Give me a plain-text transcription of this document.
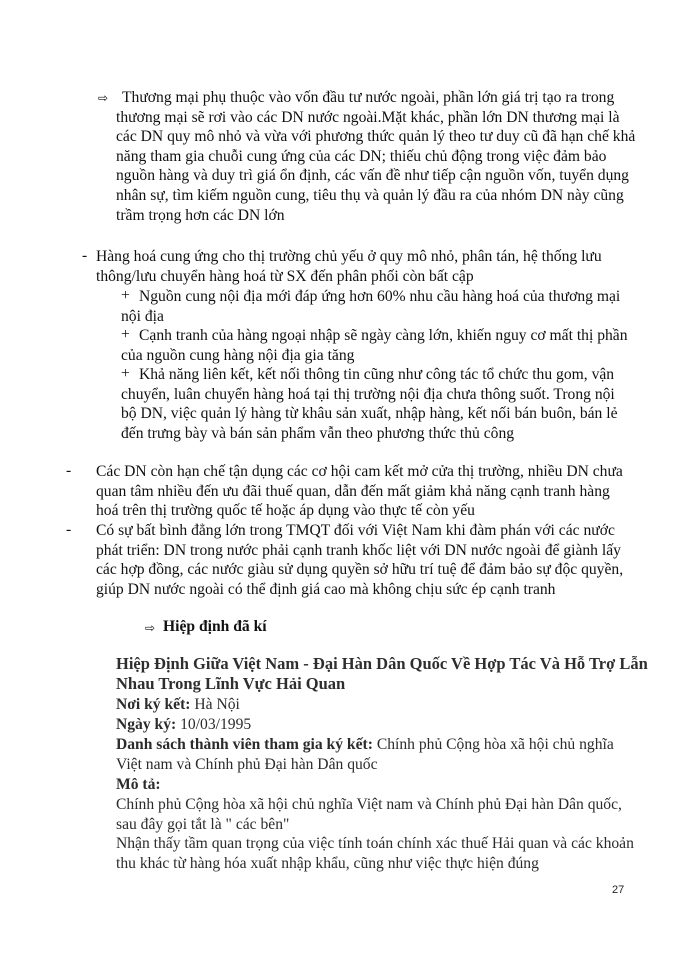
⇨ Thương mại phụ thuộc vào vốn đầu tư nước ngoài, phần lớn giá trị tạo ra trong thương mại sẽ rơi vào các DN nước ngoài.Mặt khác, phần lớn DN thương mại là các DN quy mô nhỏ và vừa với phương thức quản lý theo tư duy cũ đã hạn chế khả năng tham gia chuỗi cung ứng của các DN; thiếu chủ động trong việc đảm bảo nguồn hàng và duy trì giá ổn định, các vấn đề như tiếp cận nguồn vốn, tuyển dụng nhân sự, tìm kiếm nguồn cung, tiêu thụ và quản lý đầu ra của nhóm DN này cũng trầm trọng hơn các DN lớn

- Hàng hoá cung ứng cho thị trường chủ yếu ở quy mô nhỏ, phân tán, hệ thống lưu thông/lưu chuyển hàng hoá từ SX đến phân phối còn bất cập

+ Nguồn cung nội địa mới đáp ứng hơn 60% nhu cầu hàng hoá của thương mại nội địa

+ Cạnh tranh của hàng ngoại nhập sẽ ngày càng lớn, khiến nguy cơ mất thị phần của nguồn cung hàng nội địa gia tăng

+ Khả năng liên kết, kết nối thông tin cũng như công tác tổ chức thu gom, vận chuyển, luân chuyển hàng hoá tại thị trường nội địa chưa thông suốt. Trong nội bộ DN, việc quản lý hàng từ khâu sản xuất, nhập hàng, kết nối bán buôn, bán lẻ đến trưng bày và bán sản phẩm vẫn theo phương thức thủ công

- Các DN còn hạn chế tận dụng các cơ hội cam kết mở cửa thị trường, nhiều DN chưa quan tâm nhiều đến ưu đãi thuế quan, dẫn đến mất giảm khả năng cạnh tranh hàng hoá trên thị trường quốc tế hoặc áp dụng vào thực tế còn yếu

- Có sự bất bình đẳng lớn trong TMQT đối với Việt Nam khi đàm phán với các nước phát triển: DN trong nước phải cạnh tranh khốc liệt với DN nước ngoài để giành lấy các hợp đồng, các nước giàu sử dụng quyền sở hữu trí tuệ để đảm bảo sự độc quyền, giúp DN nước ngoài có thể định giá cao mà không chịu sức ép cạnh tranh

⇨ Hiệp định đã kí
Hiệp Định Giữa Việt Nam - Đại Hàn Dân Quốc Về Hợp Tác Và Hỗ Trợ Lẫn Nhau Trong Lĩnh Vực Hải Quan

Nơi ký kết: Hà Nội

Ngày ký: 10/03/1995

Danh sách thành viên tham gia ký kết: Chính phủ Cộng hòa xã hội chủ nghĩa Việt nam và Chính phủ Đại hàn Dân quốc

Mô tả:

Chính phủ Cộng hòa xã hội chủ nghĩa Việt nam và Chính phủ Đại hàn Dân quốc, sau đây gọi tắt là " các bên"

Nhận thấy tầm quan trọng của việc tính toán chính xác thuế Hải quan và các khoản thu khác từ hàng hóa xuất nhập khẩu, cũng như việc thực hiện đúng

27
